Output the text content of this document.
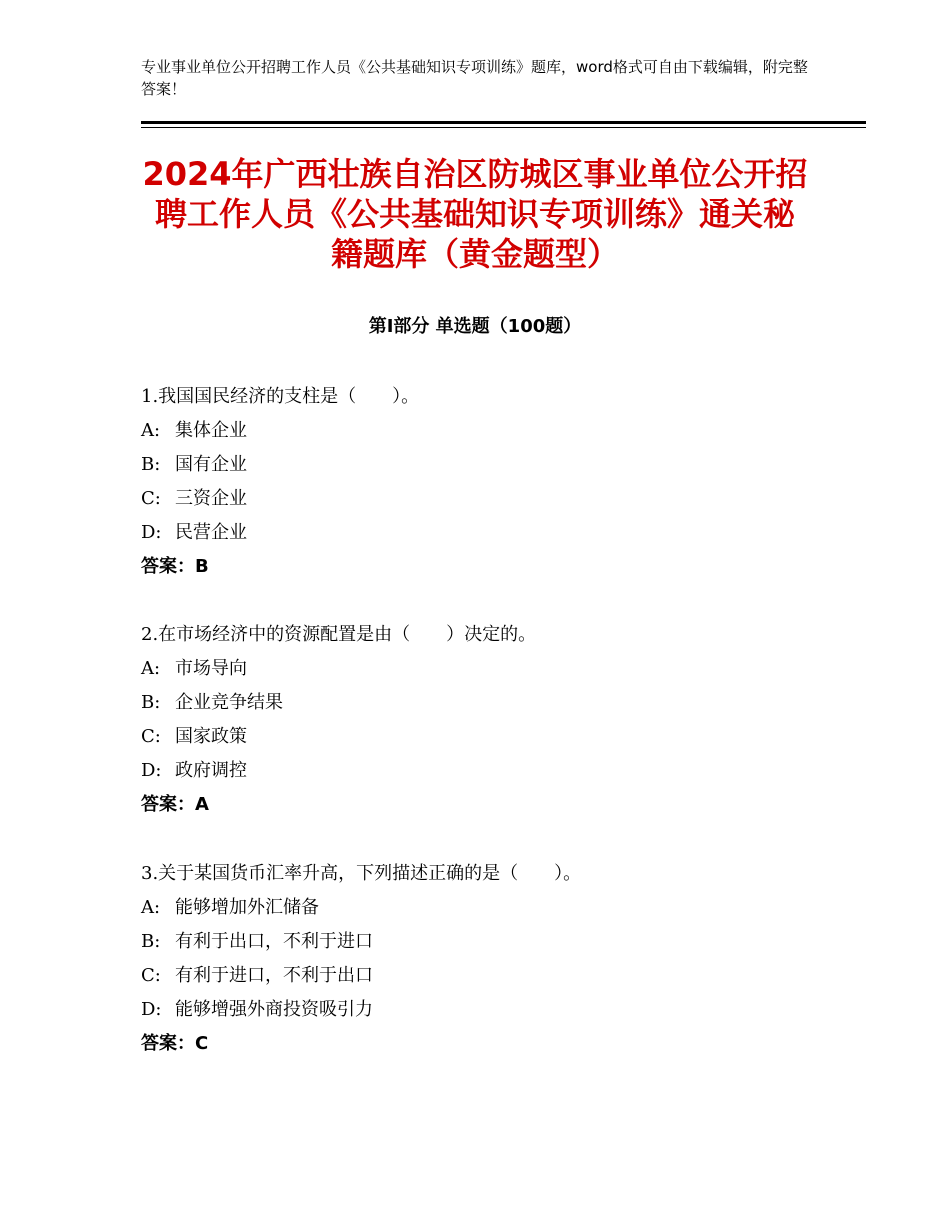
专业事业单位公开招聘工作人员《公共基础知识专项训练》题库，word格式可自由下载编辑，附完整答案！
2024年广西壮族自治区防城区事业单位公开招聘工作人员《公共基础知识专项训练》通关秘籍题库（黄金题型）
第Ⅰ部分 单选题（100题）
1.我国国民经济的支柱是（　　）。
A: 集体企业
B: 国有企业
C: 三资企业
D: 民营企业
答案：B
2.在市场经济中的资源配置是由（　　）决定的。
A: 市场导向
B: 企业竞争结果
C: 国家政策
D: 政府调控
答案：A
3.关于某国货币汇率升高，下列描述正确的是（　　）。
A: 能够增加外汇储备
B: 有利于出口，不利于进口
C: 有利于进口，不利于出口
D: 能够增强外商投资吸引力
答案：C
